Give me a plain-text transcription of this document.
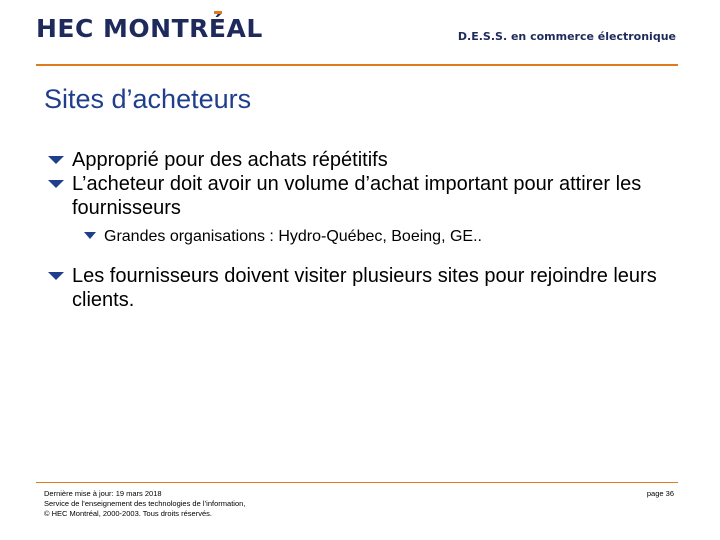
HEC MONTRÉAL	D.E.S.S. en commerce électronique
Sites d’acheteurs
Approprié pour des achats répétitifs
L’acheteur doit avoir un volume d’achat important pour attirer les fournisseurs
Grandes organisations : Hydro-Québec, Boeing, GE..
Les fournisseurs doivent visiter plusieurs sites pour rejoindre leurs clients.
Dernière mise à jour: 19 mars 2018
Service de l’enseignement des technologies de l’information,
© HEC Montréal, 2000-2003. Tous droits réservés.
page 36
